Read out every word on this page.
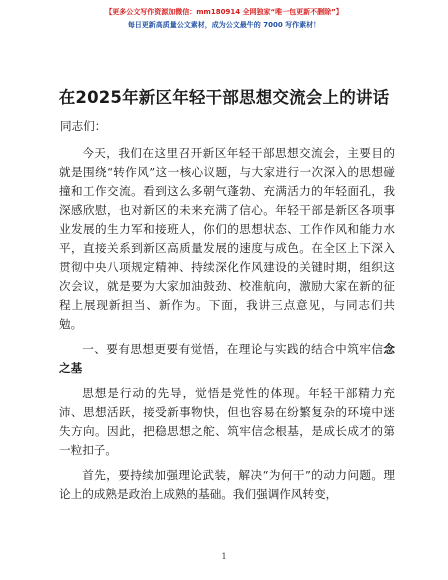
【更多公文写作资源加微信：mm180914 全网独家“唯一包更新不删除”】
每日更新高质量公文素材，成为公文最牛的 7000 写作素材！
在2025年新区年轻干部思想交流会上的讲话
同志们：
今天，我们在这里召开新区年轻干部思想交流会，主要目的就是围绕“转作风”这一核心议题，与大家进行一次深入的思想碰撞和工作交流。看到这么多朝气蓬勃、充满活力的年轻面孔，我深感欣慰，也对新区的未来充满了信心。年轻干部是新区各项事业发展的生力军和接班人，你们的思想状态、工作作风和能力水平，直接关系到新区高质量发展的速度与成色。在全区上下深入贯彻中央八项规定精神、持续深化作风建设的关键时期，组织这次会议，就是要为大家加油鼓劲、校准航向，激励大家在新的征程上展现新担当、新作为。下面，我讲三点意见，与同志们共勉。
一、要有思想更要有觉悟，在理论与实践的结合中筑牢信念之基
思想是行动的先导，觉悟是党性的体现。年轻干部精力充沛、思想活跃，接受新事物快，但也容易在纷繁复杂的环境中迷失方向。因此，把稳思想之舵、筑牢信念根基，是成长成才的第一粒扣子。
首先，要持续加强理论武装，解决“为何干”的动力问题。理论上的成熟是政治上成熟的基础。我们强调作风转变，
1
